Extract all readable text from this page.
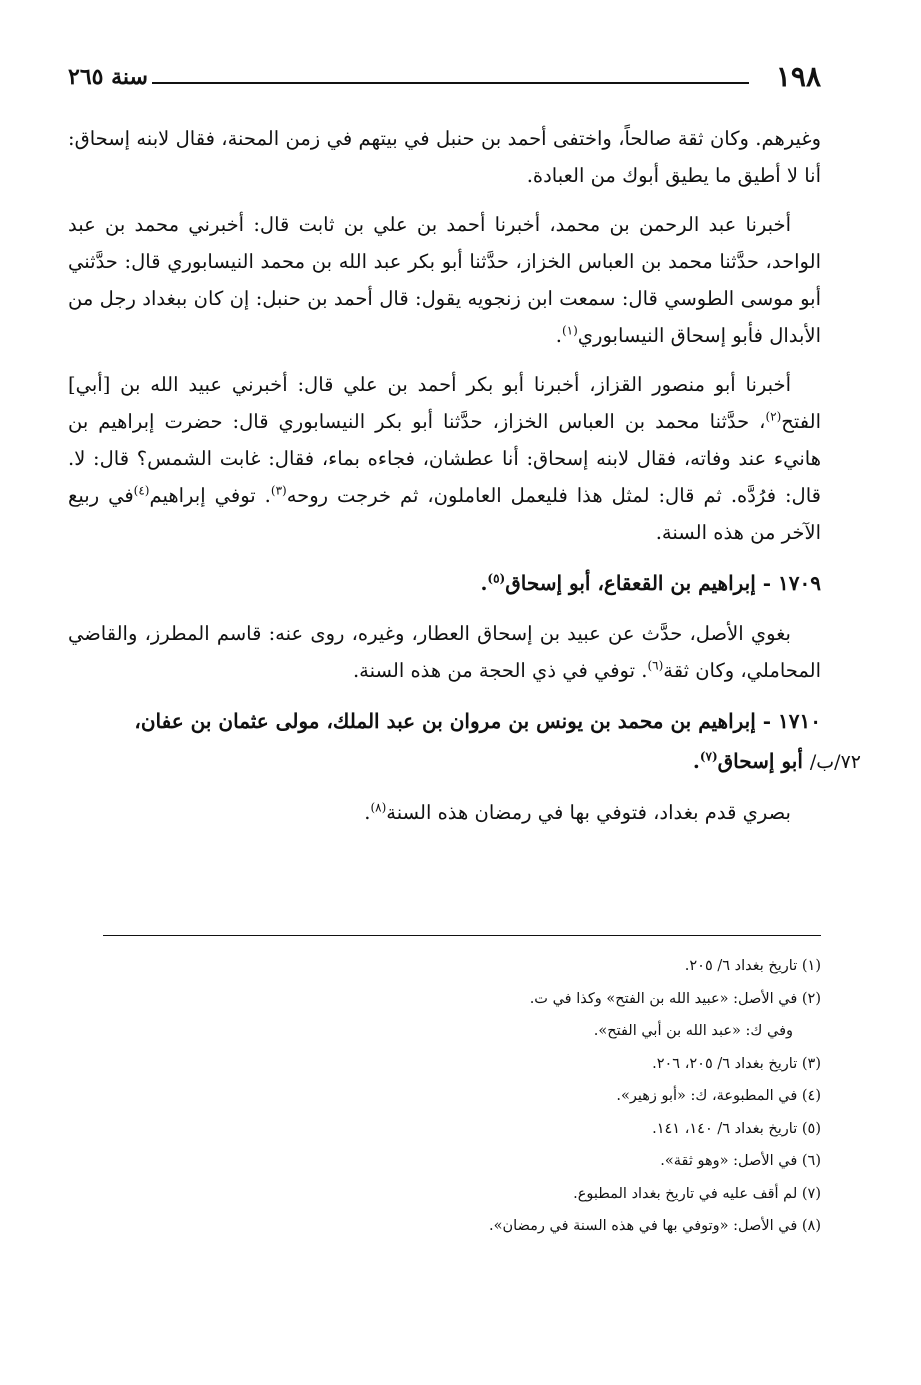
١٩٨
سنة ٢٦٥

وغيرهم. وكان ثقة صالحاً، واختفى أحمد بن حنبل في بيتهم في زمن المحنة، فقال لابنه إسحاق: أنا لا أطيق ما يطيق أبوك من العبادة.

أخبرنا عبد الرحمن بن محمد، أخبرنا أحمد بن علي بن ثابت قال: أخبرني محمد بن عبد الواحد، حدَّثنا محمد بن العباس الخزاز، حدَّثنا أبو بكر عبد الله بن محمد النيسابوري قال: حدَّثني أبو موسى الطوسي قال: سمعت ابن زنجويه يقول: قال أحمد بن حنبل: إن كان ببغداد رجل من الأبدال فأبو إسحاق النيسابوري$^{(١)}$.

أخبرنا أبو منصور القزاز، أخبرنا أبو بكر أحمد بن علي قال: أخبرني عبيد الله بن [أبي] الفتح$^{(٢)}$، حدَّثنا محمد بن العباس الخزاز، حدَّثنا أبو بكر النيسابوري قال: حضرت إبراهيم بن هانيء عند وفاته، فقال لابنه إسحاق: أنا عطشان، فجاءه بماء، فقال: غابت الشمس؟ قال: لا. قال: فرُدَّه. ثم قال: لمثل هذا فليعمل العاملون، ثم خرجت روحه$^{(٣)}$. توفي إبراهيم$^{(٤)}$في ربيع الآخر من هذه السنة.

١٧٠٩ - إبراهيم بن القعقاع، أبو إسحاق$^{(٥)}$.

بغوي الأصل، حدَّث عن عبيد بن إسحاق العطار، وغيره، روى عنه: قاسم المطرز، والقاضي المحاملي، وكان ثقة$^{(٦)}$. توفي في ذي الحجة من هذه السنة.

١٧١٠ - إبراهيم بن محمد بن يونس بن مروان بن عبد الملك، مولى عثمان بن عفان،
٧٢/ب/ أبو إسحاق$^{(٧)}$.

بصري قدم بغداد، فتوفي بها في رمضان هذه السنة$^{(٨)}$.

(١) تاريخ بغداد ٦/ ٢٠٥.

(٢) في الأصل: «عبيد الله بن الفتح» وكذا في ت.

وفي ك: «عبد الله بن أبي الفتح».

(٣) تاريخ بغداد ٦/ ٢٠٥، ٢٠٦.

(٤) في المطبوعة، ك: «أبو زهير».

(٥) تاريخ بغداد ٦/ ١٤٠، ١٤١.

(٦) في الأصل: «وهو ثقة».

(٧) لم أقف عليه في تاريخ بغداد المطبوع.

(٨) في الأصل: «وتوفي بها في هذه السنة في رمضان».
